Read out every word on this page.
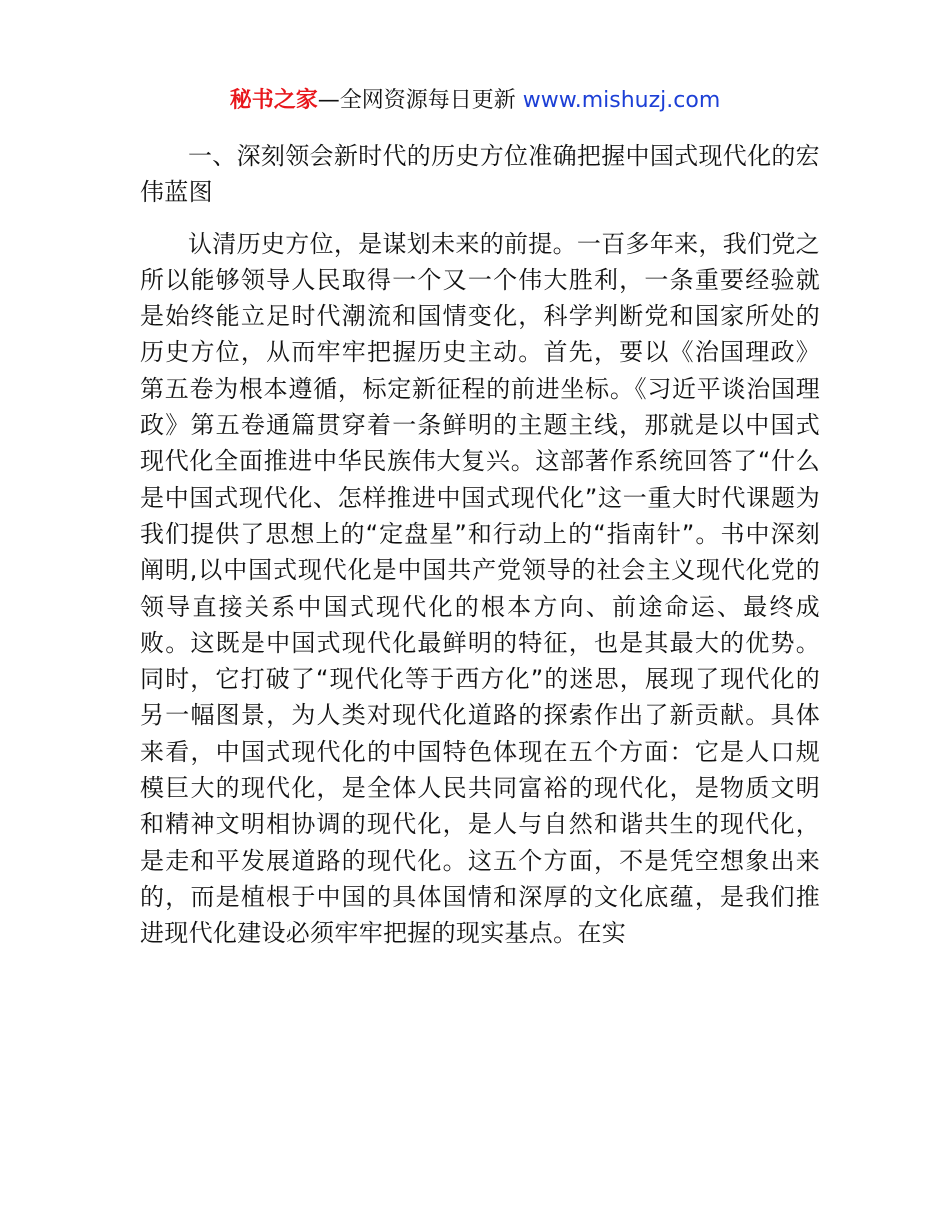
秘书之家—全网资源每日更新 www.mishuzj.com

一、深刻领会新时代的历史方位准确把握中国式现代化的宏伟蓝图

认清历史方位，是谋划未来的前提。一百多年来，我们党之所以能够领导人民取得一个又一个伟大胜利，一条重要经验就是始终能立足时代潮流和国情变化，科学判断党和国家所处的历史方位，从而牢牢把握历史主动。首先，要以《治国理政》第五卷为根本遵循，标定新征程的前进坐标。《习近平谈治国理政》第五卷通篇贯穿着一条鲜明的主题主线，那就是以中国式现代化全面推进中华民族伟大复兴。这部著作系统回答了“什么是中国式现代化、怎样推进中国式现代化”这一重大时代课题为我们提供了思想上的“定盘星”和行动上的“指南针”。书中深刻阐明,以中国式现代化是中国共产党领导的社会主义现代化党的领导直接关系中国式现代化的根本方向、前途命运、最终成败。这既是中国式现代化最鲜明的特征，也是其最大的优势。同时，它打破了“现代化等于西方化”的迷思，展现了现代化的另一幅图景，为人类对现代化道路的探索作出了新贡献。具体来看，中国式现代化的中国特色体现在五个方面：它是人口规模巨大的现代化，是全体人民共同富裕的现代化，是物质文明和精神文明相协调的现代化，是人与自然和谐共生的现代化，是走和平发展道路的现代化。这五个方面，不是凭空想象出来的，而是植根于中国的具体国情和深厚的文化底蕴，是我们推进现代化建设必须牢牢把握的现实基点。在实
